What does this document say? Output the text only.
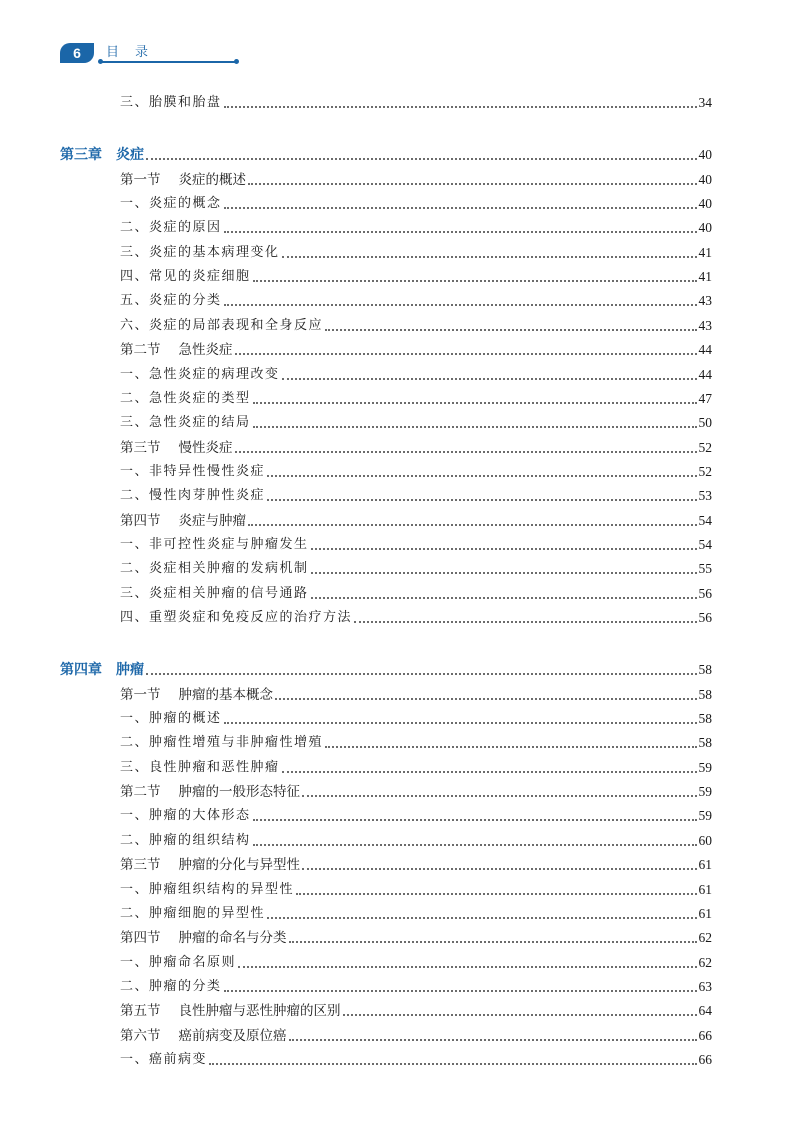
6	目录
三、胎膜和胎盘	34
第三章 炎症	40
第一节 炎症的概述	40
一、炎症的概念	40
二、炎症的原因	40
三、炎症的基本病理变化	41
四、常见的炎症细胞	41
五、炎症的分类	43
六、炎症的局部表现和全身反应	43
第二节 急性炎症	44
一、急性炎症的病理改变	44
二、急性炎症的类型	47
三、急性炎症的结局	50
第三节 慢性炎症	52
一、非特异性慢性炎症	52
二、慢性肉芽肿性炎症	53
第四节 炎症与肿瘤	54
一、非可控性炎症与肿瘤发生	54
二、炎症相关肿瘤的发病机制	55
三、炎症相关肿瘤的信号通路	56
四、重塑炎症和免疫反应的治疗方法	56
第四章 肿瘤	58
第一节 肿瘤的基本概念	58
一、肿瘤的概述	58
二、肿瘤性增殖与非肿瘤性增殖	58
三、良性肿瘤和恶性肿瘤	59
第二节 肿瘤的一般形态特征	59
一、肿瘤的大体形态	59
二、肿瘤的组织结构	60
第三节 肿瘤的分化与异型性	61
一、肿瘤组织结构的异型性	61
二、肿瘤细胞的异型性	61
第四节 肿瘤的命名与分类	62
一、肿瘤命名原则	62
二、肿瘤的分类	63
第五节 良性肿瘤与恶性肿瘤的区别	64
第六节 癌前病变及原位癌	66
一、癌前病变	66
